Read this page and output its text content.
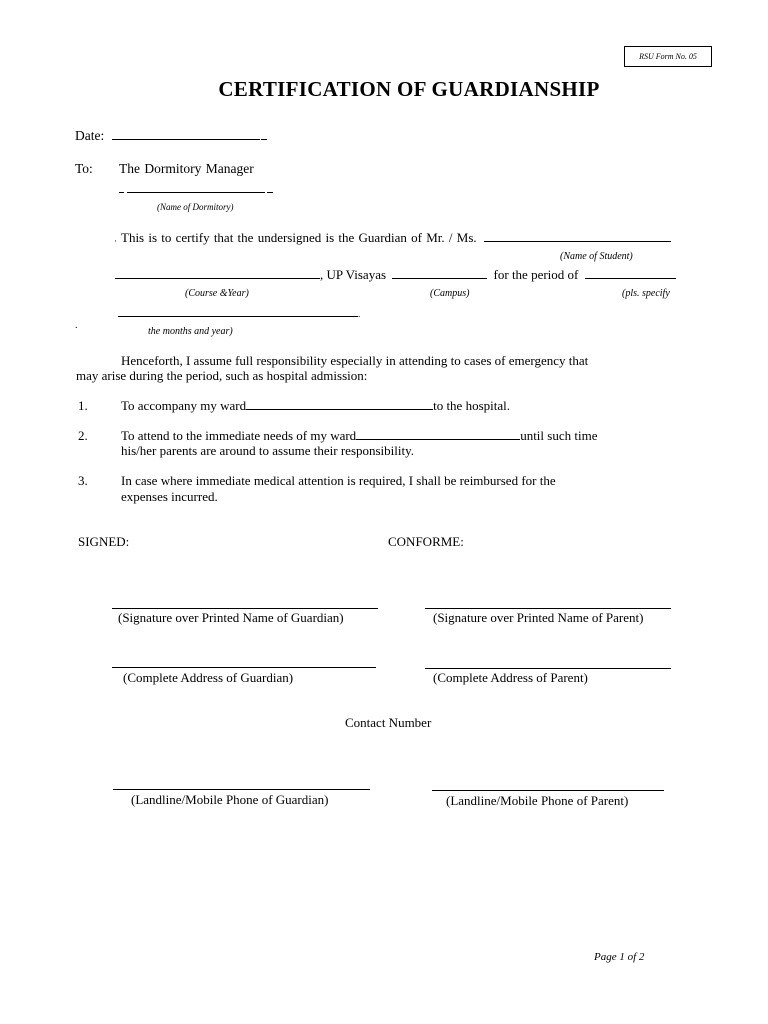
RSU Form No. 05
CERTIFICATION OF GUARDIANSHIP
Date:
To: The Dormitory Manager
(Name of Dormitory)
· This is to certify that the undersigned is the Guardian of Mr. / Ms.
(Name of Student)
, UP Visayas	for the period of
(Course &Year)	(Campus)	(pls. specify
.
.
the months and year)
Henceforth, I assume full responsibility especially in attending to cases of emergency that
may arise during the period, such as hospital admission:
1.	To accompany my ward	to the hospital.
2.	To attend to the immediate needs of my ward	until such time
his/her parents are around to assume their responsibility.
3.	In case where immediate medical attention is required, I shall be reimbursed for the
expenses incurred.
SIGNED:	CONFORME:
(Signature over Printed Name of Guardian)	(Signature over Printed Name of Parent)
(Complete Address of Guardian)	(Complete Address of Parent)
Contact Number
(Landline/Mobile Phone of Guardian)	(Landline/Mobile Phone of Parent)
Page 1 of 2
